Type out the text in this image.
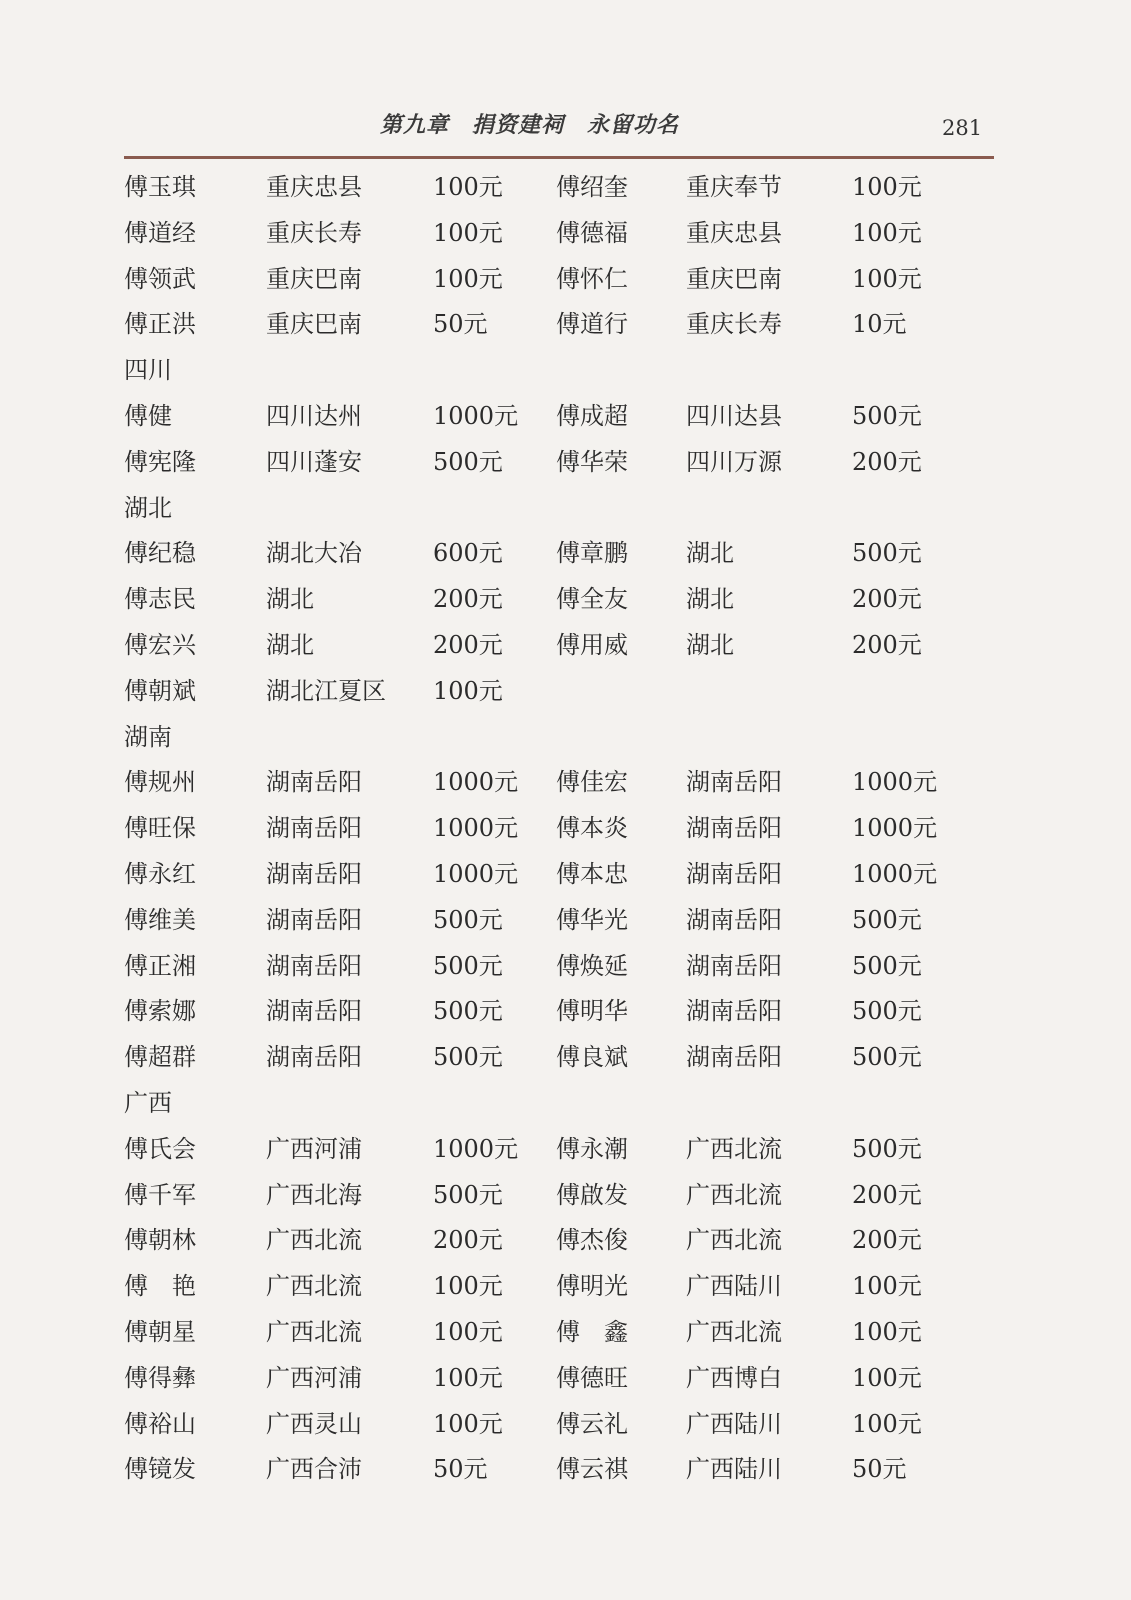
第九章　捐资建祠　永留功名	281
傅玉琪	重庆忠县	100元 傅绍奎 重庆奉节	100元
傅道经	重庆长寿	100元 傅德福 重庆忠县	100元
傅领武	重庆巴南	100元 傅怀仁 重庆巴南	100元
傅正洪	重庆巴南	50元	傅道行 重庆长寿	10元
四川
傅健	四川达州	1000元 傅成超 四川达县	500元
傅宪隆	四川蓬安	500元 傅华荣 四川万源	200元
湖北
傅纪稳	湖北大冶	600元 傅章鹏 湖北	500元
傅志民	湖北	200元 傅全友 湖北	200元
傅宏兴	湖北	200元 傅用威 湖北	200元
傅朝斌	湖北江夏区 100元
湖南
傅规州	湖南岳阳	1000元 傅佳宏 湖南岳阳	1000元
傅旺保	湖南岳阳	1000元 傅本炎 湖南岳阳	1000元
傅永红	湖南岳阳	1000元 傅本忠 湖南岳阳	1000元
傅维美	湖南岳阳	500元 傅华光 湖南岳阳	500元
傅正湘	湖南岳阳	500元 傅焕延 湖南岳阳	500元
傅索娜	湖南岳阳	500元 傅明华 湖南岳阳	500元
傅超群	湖南岳阳	500元 傅良斌 湖南岳阳	500元
广西
傅氏会	广西河浦	1000元 傅永潮 广西北流	500元
傅千军	广西北海	500元 傅啟发 广西北流	200元
傅朝林	广西北流	200元 傅杰俊 广西北流	200元
傅　艳	广西北流	100元 傅明光 广西陆川	100元
傅朝星	广西北流	100元 傅　鑫 广西北流	100元
傅得彝	广西河浦	100元 傅德旺 广西博白	100元
傅裕山	广西灵山	100元 傅云礼 广西陆川	100元
傅镜发	广西合沛	50元	傅云祺 广西陆川	50元
